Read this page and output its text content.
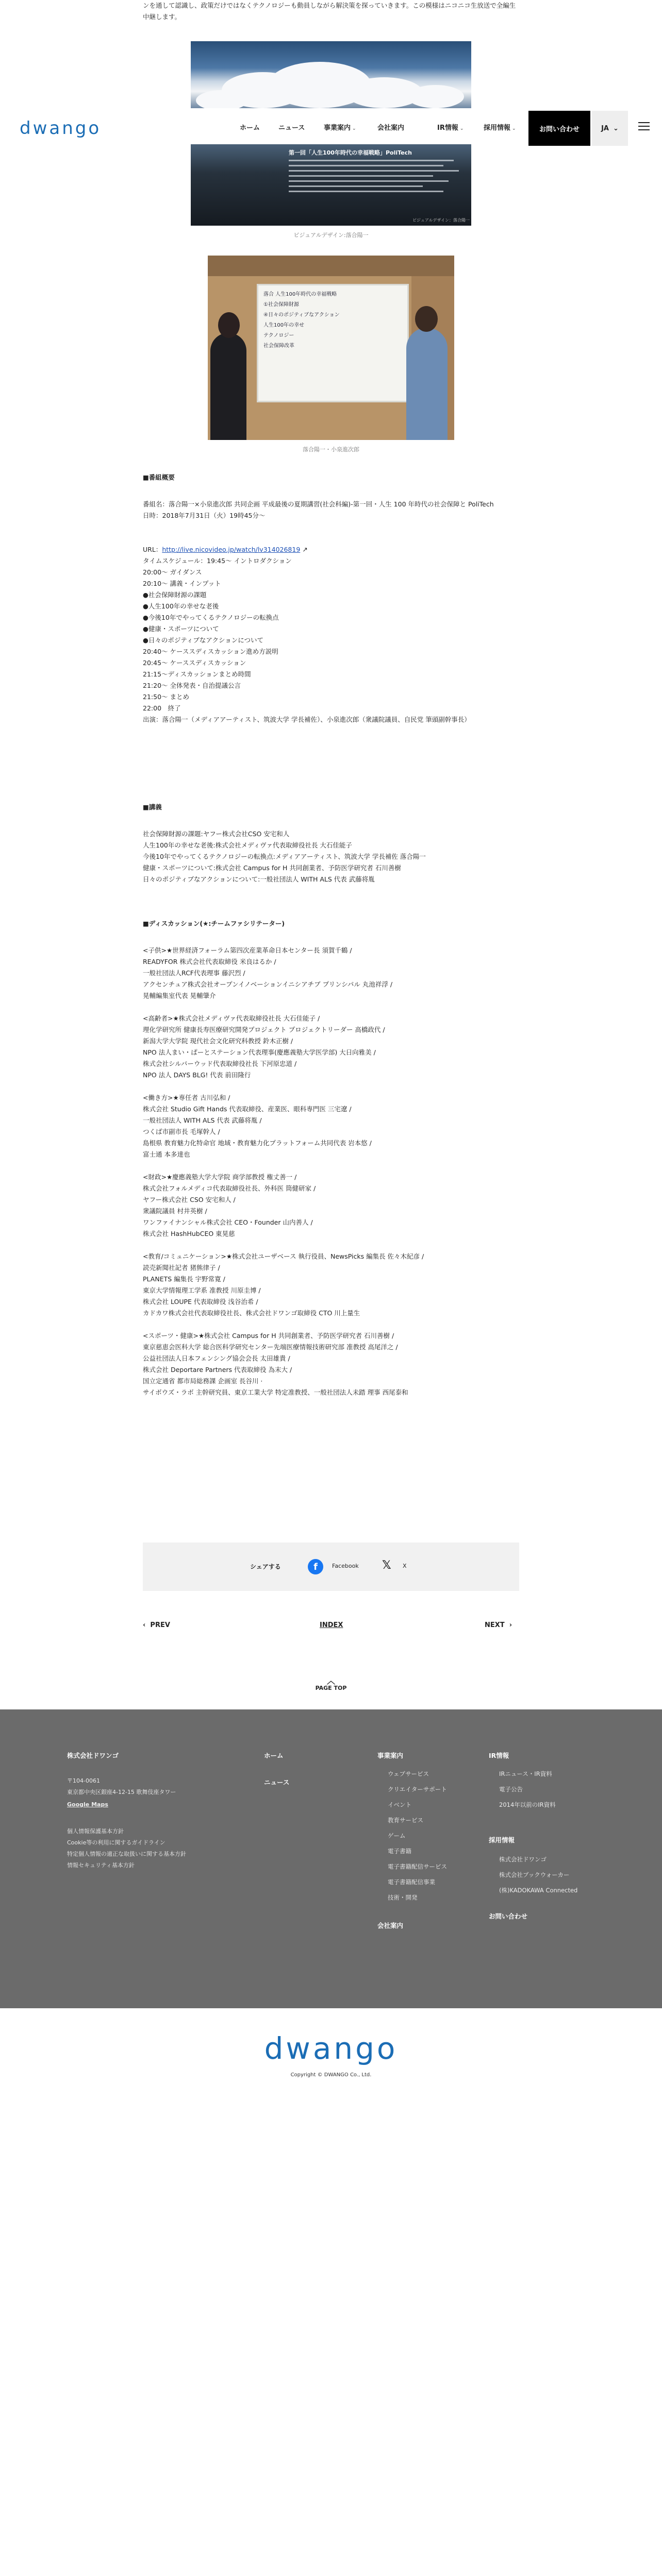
ンを通して認識し、政策だけではなくテクノロジーも動員しながら解決策を探っていきます。この模様はニコニコ生放送で全編生中継します。
dwango	ホーム	ニュース	事業案内 ⌄	会社案内	IR情報 ⌄	採用情報 ⌄	お問い合わせ	JA ⌄
第一回「人生100年時代の幸福戦略」PoliTech
ビジュアルデザイン：落合陽一
ビジュアルデザイン:落合陽一
落合 人生100年時代の幸福戦略
①社会保障財源
④日々のポジティブなアクション
人生100年の幸せ
テクノロジー
社会保障改革
落合陽一・小泉進次郎
■番組概要
番組名：落合陽一×小泉進次郎 共同企画 平成最後の夏期講習(社会科編)-第一回・人生 100 年時代の社会保障と PoliTech
日時：2018年7月31日（火）19時45分〜
URL：http://live.nicovideo.jp/watch/lv314026819 ↗
タイムスケジュール：19:45〜 イントロダクション
20:00〜 ガイダンス
20:10〜 講義・インプット
●社会保障財源の課題
●人生100年の幸せな老後
●今後10年でやってくるテクノロジーの転換点
●健康・スポーツについて
●日々のポジティブなアクションについて
20:40〜 ケーススディスカッション進め方説明
20:45〜 ケーススディスカッション
21:15〜ディスカッションまとめ時間
21:20〜 全体発表・自治提議公言
21:50〜 まとめ
22:00　終了
出演：落合陽一（メディアアーティスト、筑波大学 学長補佐）、小泉進次郎（衆議院議員、自民党 筆頭副幹事長）
■講義
社会保障財源の課題:ヤフー株式会社CSO 安宅和人
人生100年の幸せな老後:株式会社メディヴァ代表取締役社長 大石佳能子
今後10年でやってくるテクノロジーの転換点:メディアアーティスト、筑波大学 学長補佐 落合陽一
健康・スポーツについて:株式会社 Campus for H 共同創業者、予防医学研究者 石川善樹
日々のポジティブなアクションについて:一般社団法人 WITH ALS 代表 武藤将胤
■ディスカッション(★:チームファシリテーター)
<子供>★世界経済フォーラム第四次産業革命日本センター長 須賀千鶴 /
READYFOR 株式会社代表取締役 米良はるか /
一般社団法人RCF代表理事 藤沢烈 /
アクセンチュア株式会社オープンイノベーションイニシアチブ プリンシパル 丸池祥浮 /
晃輔編集室代表 晃輔肇介

<高齢者>★株式会社メディヴァ代表取締役社長 大石佳能子 /
理化学研究所 健康長寿医療研究開発プロジェクト プロジェクトリーダー 高橋政代 /
新潟大学大学院 現代社会文化研究科教授 鈴木正樹 /
NPO 法人まい・ぱーとステーション代表理事(慶應義塾大学医学部) 大日向雅美 /
株式会社シルバーウッド代表取締役社長 下河原忠道 /
NPO 法人 DAYS BLG! 代表 前田隆行

<働き方>★専任者 古川弘和 /
株式会社 Studio Gift Hands 代表取締役、産業医、眼科専門医 三宅遼 /
一般社団法人 WITH ALS 代表 武藤将胤 /
つくば市副市長 毛塚幹人 /
島根県 教育魅力化特命官 地域・教育魅力化プラットフォーム共同代表 岩本悠 /
富士通 本多達也

<財政>★慶應義塾大学大学院 商学部教授 権丈善一 /
株式会社フォルメディコ代表取締役社長、外科医 筒健研家 /
ヤフー株式会社 CSO 安宅和人 /
衆議院議員 村井英樹 /
ワンファイナンシャル株式会社 CEO・Founder 山内善人 /
株式会社 HashHubCEO 東晃慈

<教育/コミュニケーション>★株式会社ユーザベース 執行役員、NewsPicks 編集長 佐々木紀彦 /
読売新聞社記者 猪熊律子 /
PLANETS 編集長 宇野常寛 /
東京大学情報理工学系 准教授 川原圭博 /
株式会社 LOUPE 代表取締役 浅谷治希 /
カドカワ株式会社代表取締役社長、株式会社ドワンゴ取締役 CTO 川上量生

<スポーツ・健康>★株式会社 Campus for H 共同創業者、予防医学研究者 石川善樹 /
東京慈恵会医科大学 総合医科学研究センター先端医療情報技術研究部 准教授 高尾洋之 /
公益社団法人日本フェンシング協会会長 太田雄貴 /
株式会社 Deportare Partners 代表取締役 為末大 /
国立定通省 都市局総務課 企画室 長谷川 ·
サイボウズ・ラボ 主幹研究員、東京工業大学 特定准教授、一般社団法人未踏 理事 西尾泰和
シェアする	f	Facebook 𝕏 X
‹  PREV	INDEX	NEXT  ›
︿
PAGE TOP
株式会社ドワンゴ
〒104-0061
東京都中央区銀座4-12-15 歌舞伎座タワー
Google Maps
個人情報保護基本方針
Cookie等の利用に関するガイドライン
特定個人情報の適正な取扱いに関する基本方針
情報セキュリティ基本方針
ホーム
ニュース
事業案内
ウェブサービス
クリエイターサポート
イベント
教育サービス
ゲーム
電子書籍
電子書籍配信サービス
電子書籍配信事業
技術・開発
会社案内
IR情報
IRニュース・IR資料
電子公告
2014年以前のIR資料
採用情報
株式会社ドワンゴ
株式会社ブックウォーカー
(株)KADOKAWA Connected
お問い合わせ
dwango
Copyright © DWANGO Co., Ltd.
